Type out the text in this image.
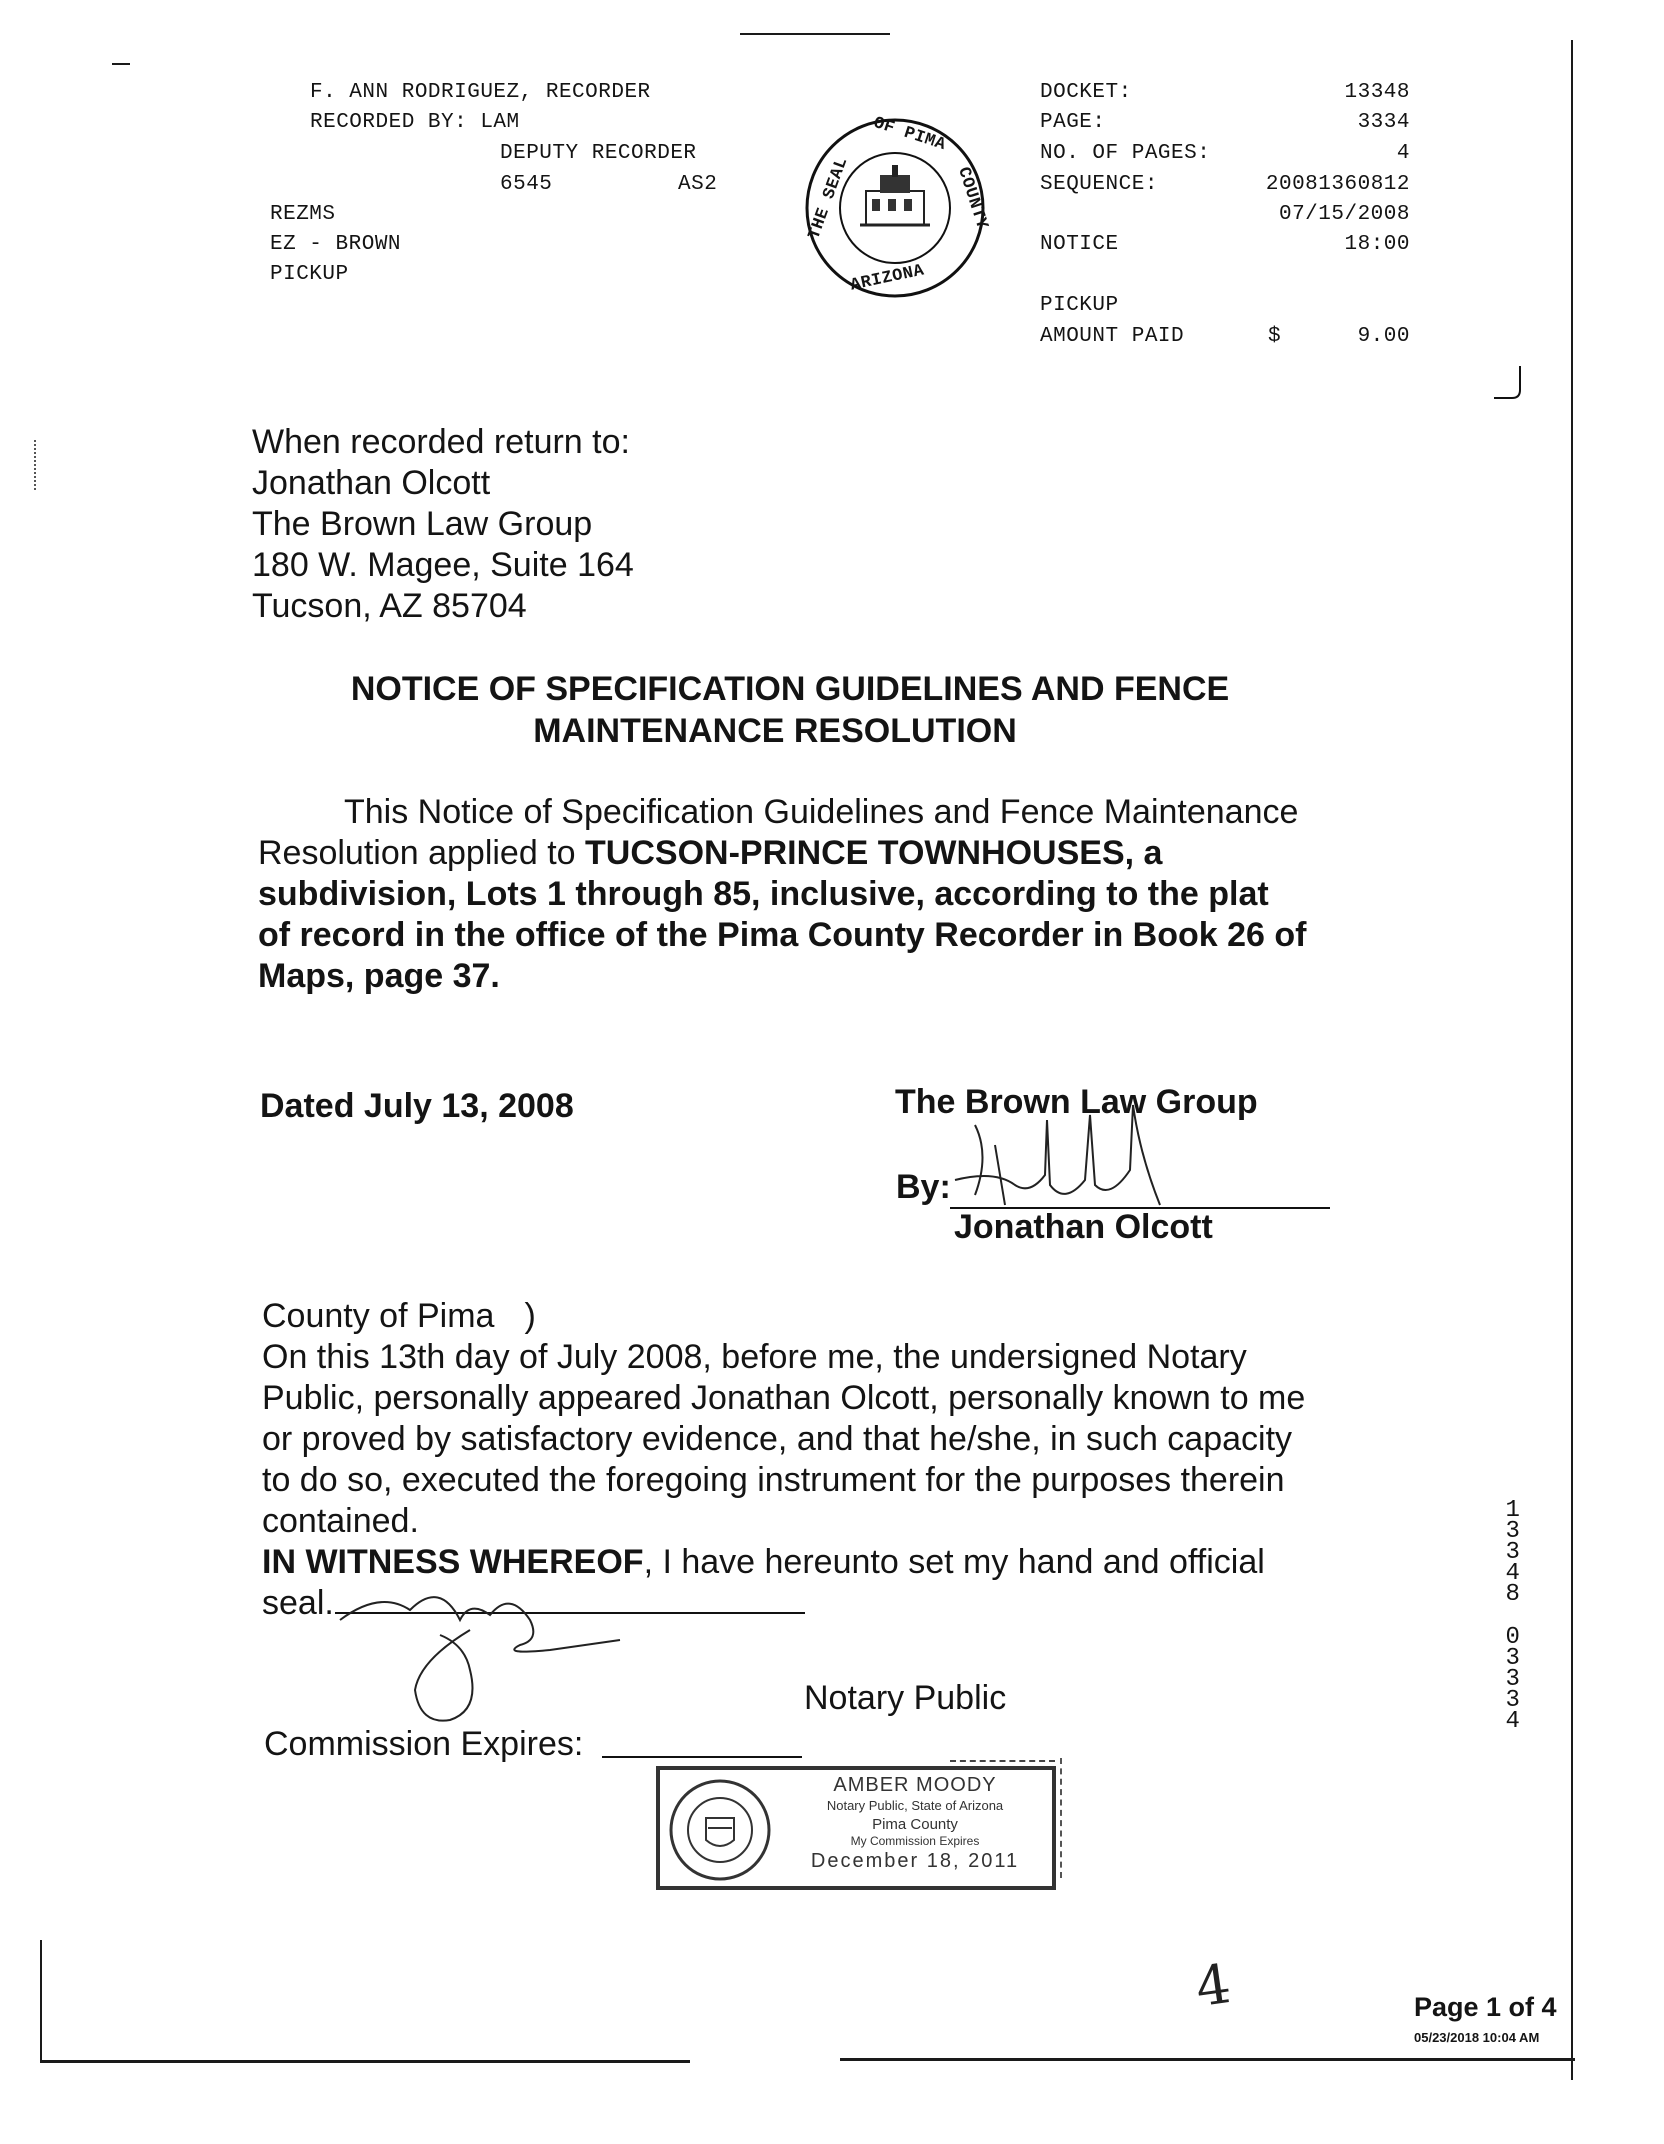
F. ANN RODRIGUEZ, RECORDER
RECORDED BY: LAM
DEPUTY RECORDER
6545	AS2
REZMS
EZ - BROWN
PICKUP
OF PIMA
THE SEAL	COUNTY
ARIZONA
DOCKET:	13348
PAGE:	3334
NO. OF PAGES:	4
SEQUENCE:	20081360812
07/15/2008
NOTICE	18:00
PICKUP
AMOUNT PAID	$	9.00
When recorded return to:
Jonathan Olcott
The Brown Law Group
180 W. Magee, Suite 164
Tucson, AZ 85704
NOTICE OF SPECIFICATION GUIDELINES AND FENCE
MAINTENANCE RESOLUTION
This Notice of Specification Guidelines and Fence Maintenance
Resolution applied to TUCSON-PRINCE TOWNHOUSES, a
subdivision, Lots 1 through 85, inclusive, according to the plat
of record in the office of the Pima County Recorder in Book 26 of
Maps, page 37.
Dated July 13, 2008	The Brown Law Group
By:
Jonathan Olcott
County of Pima )
On this 13th day of July 2008, before me, the undersigned Notary
Public, personally appeared Jonathan Olcott, personally known to me
or proved by satisfactory evidence, and that he/she, in such capacity
to do so, executed the foregoing instrument for the purposes therein
contained.
IN WITNESS WHEREOF, I have hereunto set my hand and official
seal.
Notary Public
Commission Expires:
AMBER MOODY
Notary Public, State of Arizona
Pima County
My Commission Expires
December 18, 2011
1
3
3
4
8
0
3
3
3
4
4	Page 1 of 4
05/23/2018 10:04 AM
